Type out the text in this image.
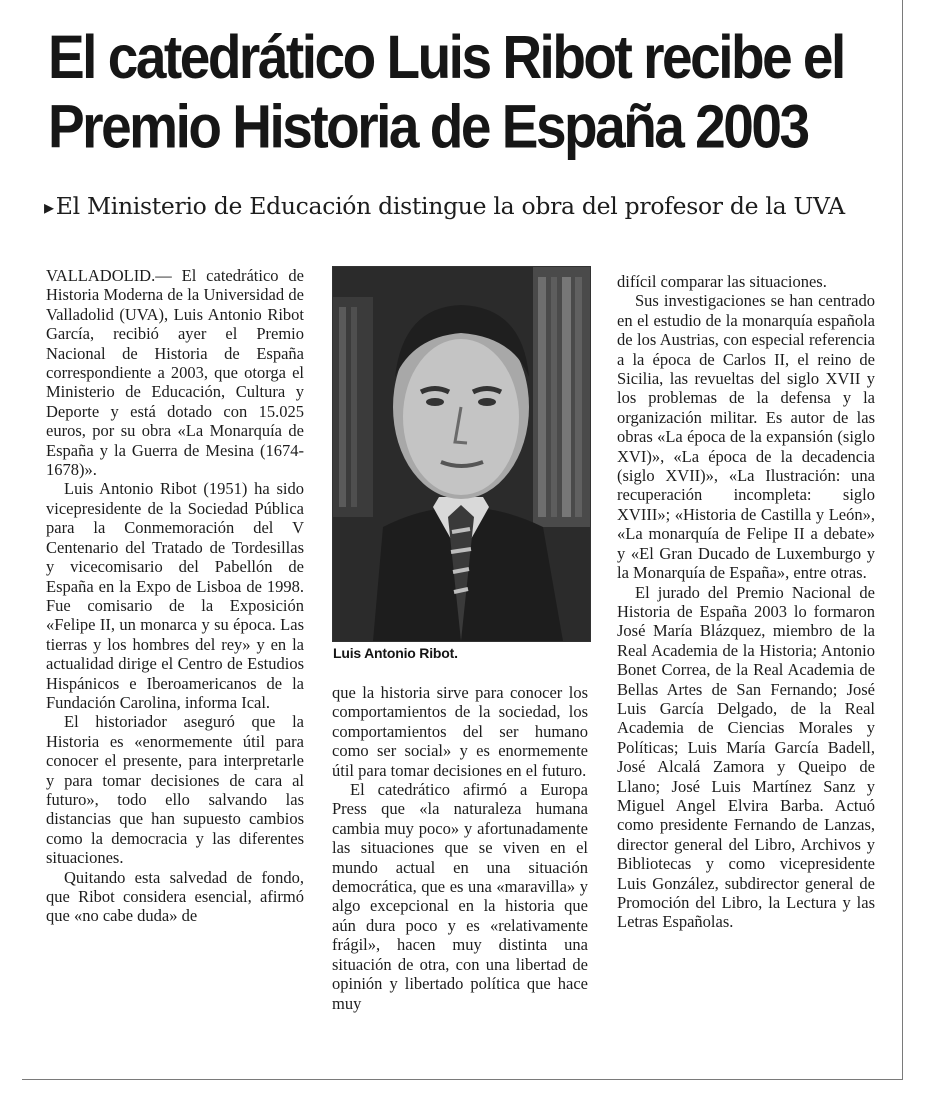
El catedrático Luis Ribot recibe el Premio Historia de España 2003
▸El Ministerio de Educación distingue la obra del profesor de la UVA

VALLADOLID.— El catedrático de Historia Moderna de la Universidad de Valladolid (UVA), Luis Antonio Ribot García, recibió ayer el Premio Nacional de Historia de España correspondiente a 2003, que otorga el Ministerio de Educación, Cultura y Deporte y está dotado con 15.025 euros, por su obra «La Monarquía de España y la Guerra de Mesina (1674-1678)».

Luis Antonio Ribot (1951) ha sido vicepresidente de la Sociedad Pública para la Conmemoración del V Centenario del Tratado de Tordesillas y vicecomisario del Pabellón de España en la Expo de Lisboa de 1998. Fue comisario de la Exposición «Felipe II, un monarca y su época. Las tierras y los hombres del rey» y en la actualidad dirige el Centro de Estudios Hispánicos e Iberoamericanos de la Fundación Carolina, informa Ical.

El historiador aseguró que la Historia es «enormemente útil para conocer el presente, para interpretarle y para tomar decisiones de cara al futuro», todo ello salvando las distancias que han supuesto cambios como la democracia y las diferentes situaciones.

Quitando esta salvedad de fondo, que Ribot considera esencial, afirmó que «no cabe duda» de

Luis Antonio Ribot.

que la historia sirve para conocer los comportamientos de la sociedad, los comportamientos del ser humano como ser social» y es enormemente útil para tomar decisiones en el futuro.

El catedrático afirmó a Europa Press que «la naturaleza humana cambia muy poco» y afortunadamente las situaciones que se viven en el mundo actual en una situación democrática, que es una «maravilla» y algo excepcional en la historia que aún dura poco y es «relativamente frágil», hacen muy distinta una situación de otra, con una libertad de opinión y libertado política que hace muy

difícil comparar las situaciones.

Sus investigaciones se han centrado en el estudio de la monarquía española de los Austrias, con especial referencia a la época de Carlos II, el reino de Sicilia, las revueltas del siglo XVII y los problemas de la defensa y la organización militar. Es autor de las obras «La época de la expansión (siglo XVI)», «La época de la decadencia (siglo XVII)», «La Ilustración: una recuperación incompleta: siglo XVIII»; «Historia de Castilla y León», «La monarquía de Felipe II a debate» y «El Gran Ducado de Luxemburgo y la Monarquía de España», entre otras.

El jurado del Premio Nacional de Historia de España 2003 lo formaron José María Blázquez, miembro de la Real Academia de la Historia; Antonio Bonet Correa, de la Real Academia de Bellas Artes de San Fernando; José Luis García Delgado, de la Real Academia de Ciencias Morales y Políticas; Luis María García Badell, José Alcalá Zamora y Queipo de Llano; José Luis Martínez Sanz y Miguel Angel Elvira Barba. Actuó como presidente Fernando de Lanzas, director general del Libro, Archivos y Bibliotecas y como vicepresidente Luis González, subdirector general de Promoción del Libro, la Lectura y las Letras Españolas.
